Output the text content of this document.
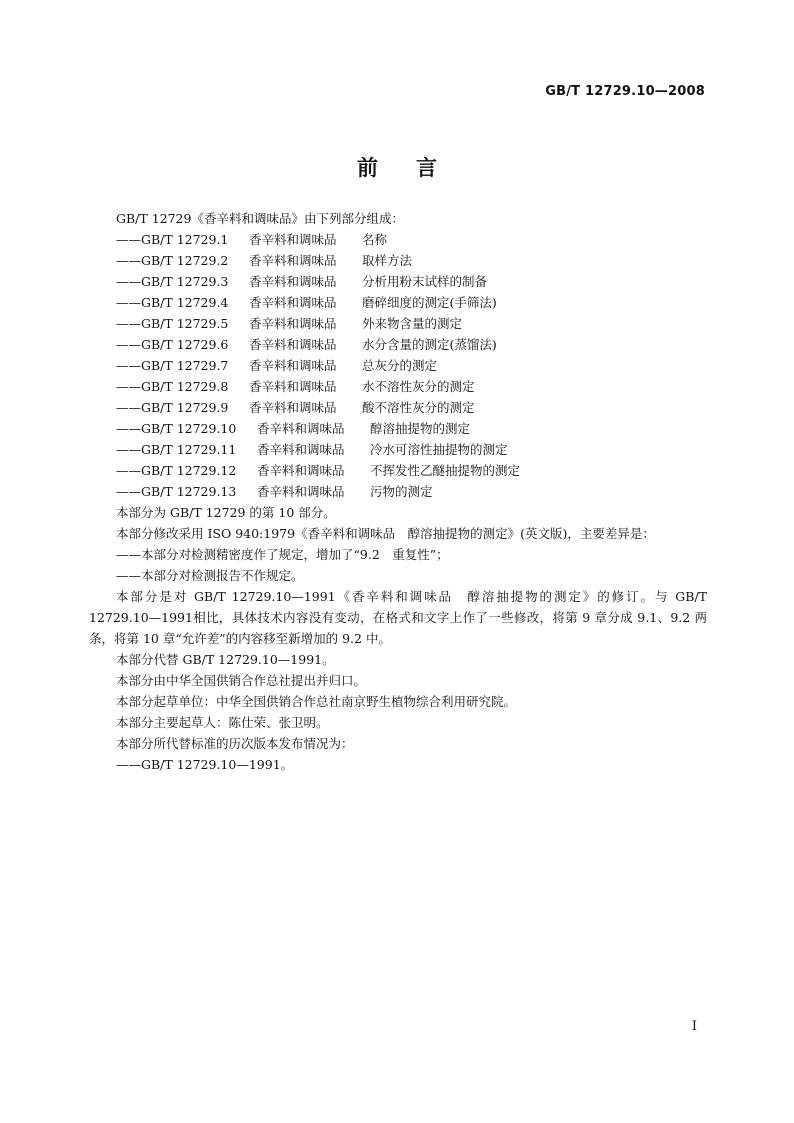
GB/T 12729.10—2008
前言
GB/T 12729《香辛料和调味品》由下列部分组成：
——GB/T 12729.1	香辛料和调味品	名称
——GB/T 12729.2	香辛料和调味品	取样方法
——GB/T 12729.3	香辛料和调味品	分析用粉末试样的制备
——GB/T 12729.4	香辛料和调味品	磨碎细度的测定(手筛法)
——GB/T 12729.5	香辛料和调味品	外来物含量的测定
——GB/T 12729.6	香辛料和调味品	水分含量的测定(蒸馏法)
——GB/T 12729.7	香辛料和调味品	总灰分的测定
——GB/T 12729.8	香辛料和调味品	水不溶性灰分的测定
——GB/T 12729.9	香辛料和调味品	酸不溶性灰分的测定
——GB/T 12729.10	香辛料和调味品	醇溶抽提物的测定
——GB/T 12729.11	香辛料和调味品	冷水可溶性抽提物的测定
——GB/T 12729.12	香辛料和调味品	不挥发性乙醚抽提物的测定
——GB/T 12729.13	香辛料和调味品	污物的测定
本部分为 GB/T 12729 的第 10 部分。
本部分修改采用 ISO 940:1979《香辛料和调味品　醇溶抽提物的测定》(英文版)，主要差异是：
——本部分对检测精密度作了规定，增加了“9.2　重复性”；
——本部分对检测报告不作规定。
本部分是对 GB/T 12729.10—1991《香辛料和调味品　醇溶抽提物的测定》的修订。与 GB/T 12729.10—1991相比，具体技术内容没有变动，在格式和文字上作了一些修改，将第 9 章分成 9.1、9.2 两条，将第 10 章“允许差”的内容移至新增加的 9.2 中。
本部分代替 GB/T 12729.10—1991。
本部分由中华全国供销合作总社提出并归口。
本部分起草单位：中华全国供销合作总社南京野生植物综合利用研究院。
本部分主要起草人：陈仕荣、张卫明。
本部分所代替标准的历次版本发布情况为：
——GB/T 12729.10—1991。
I
